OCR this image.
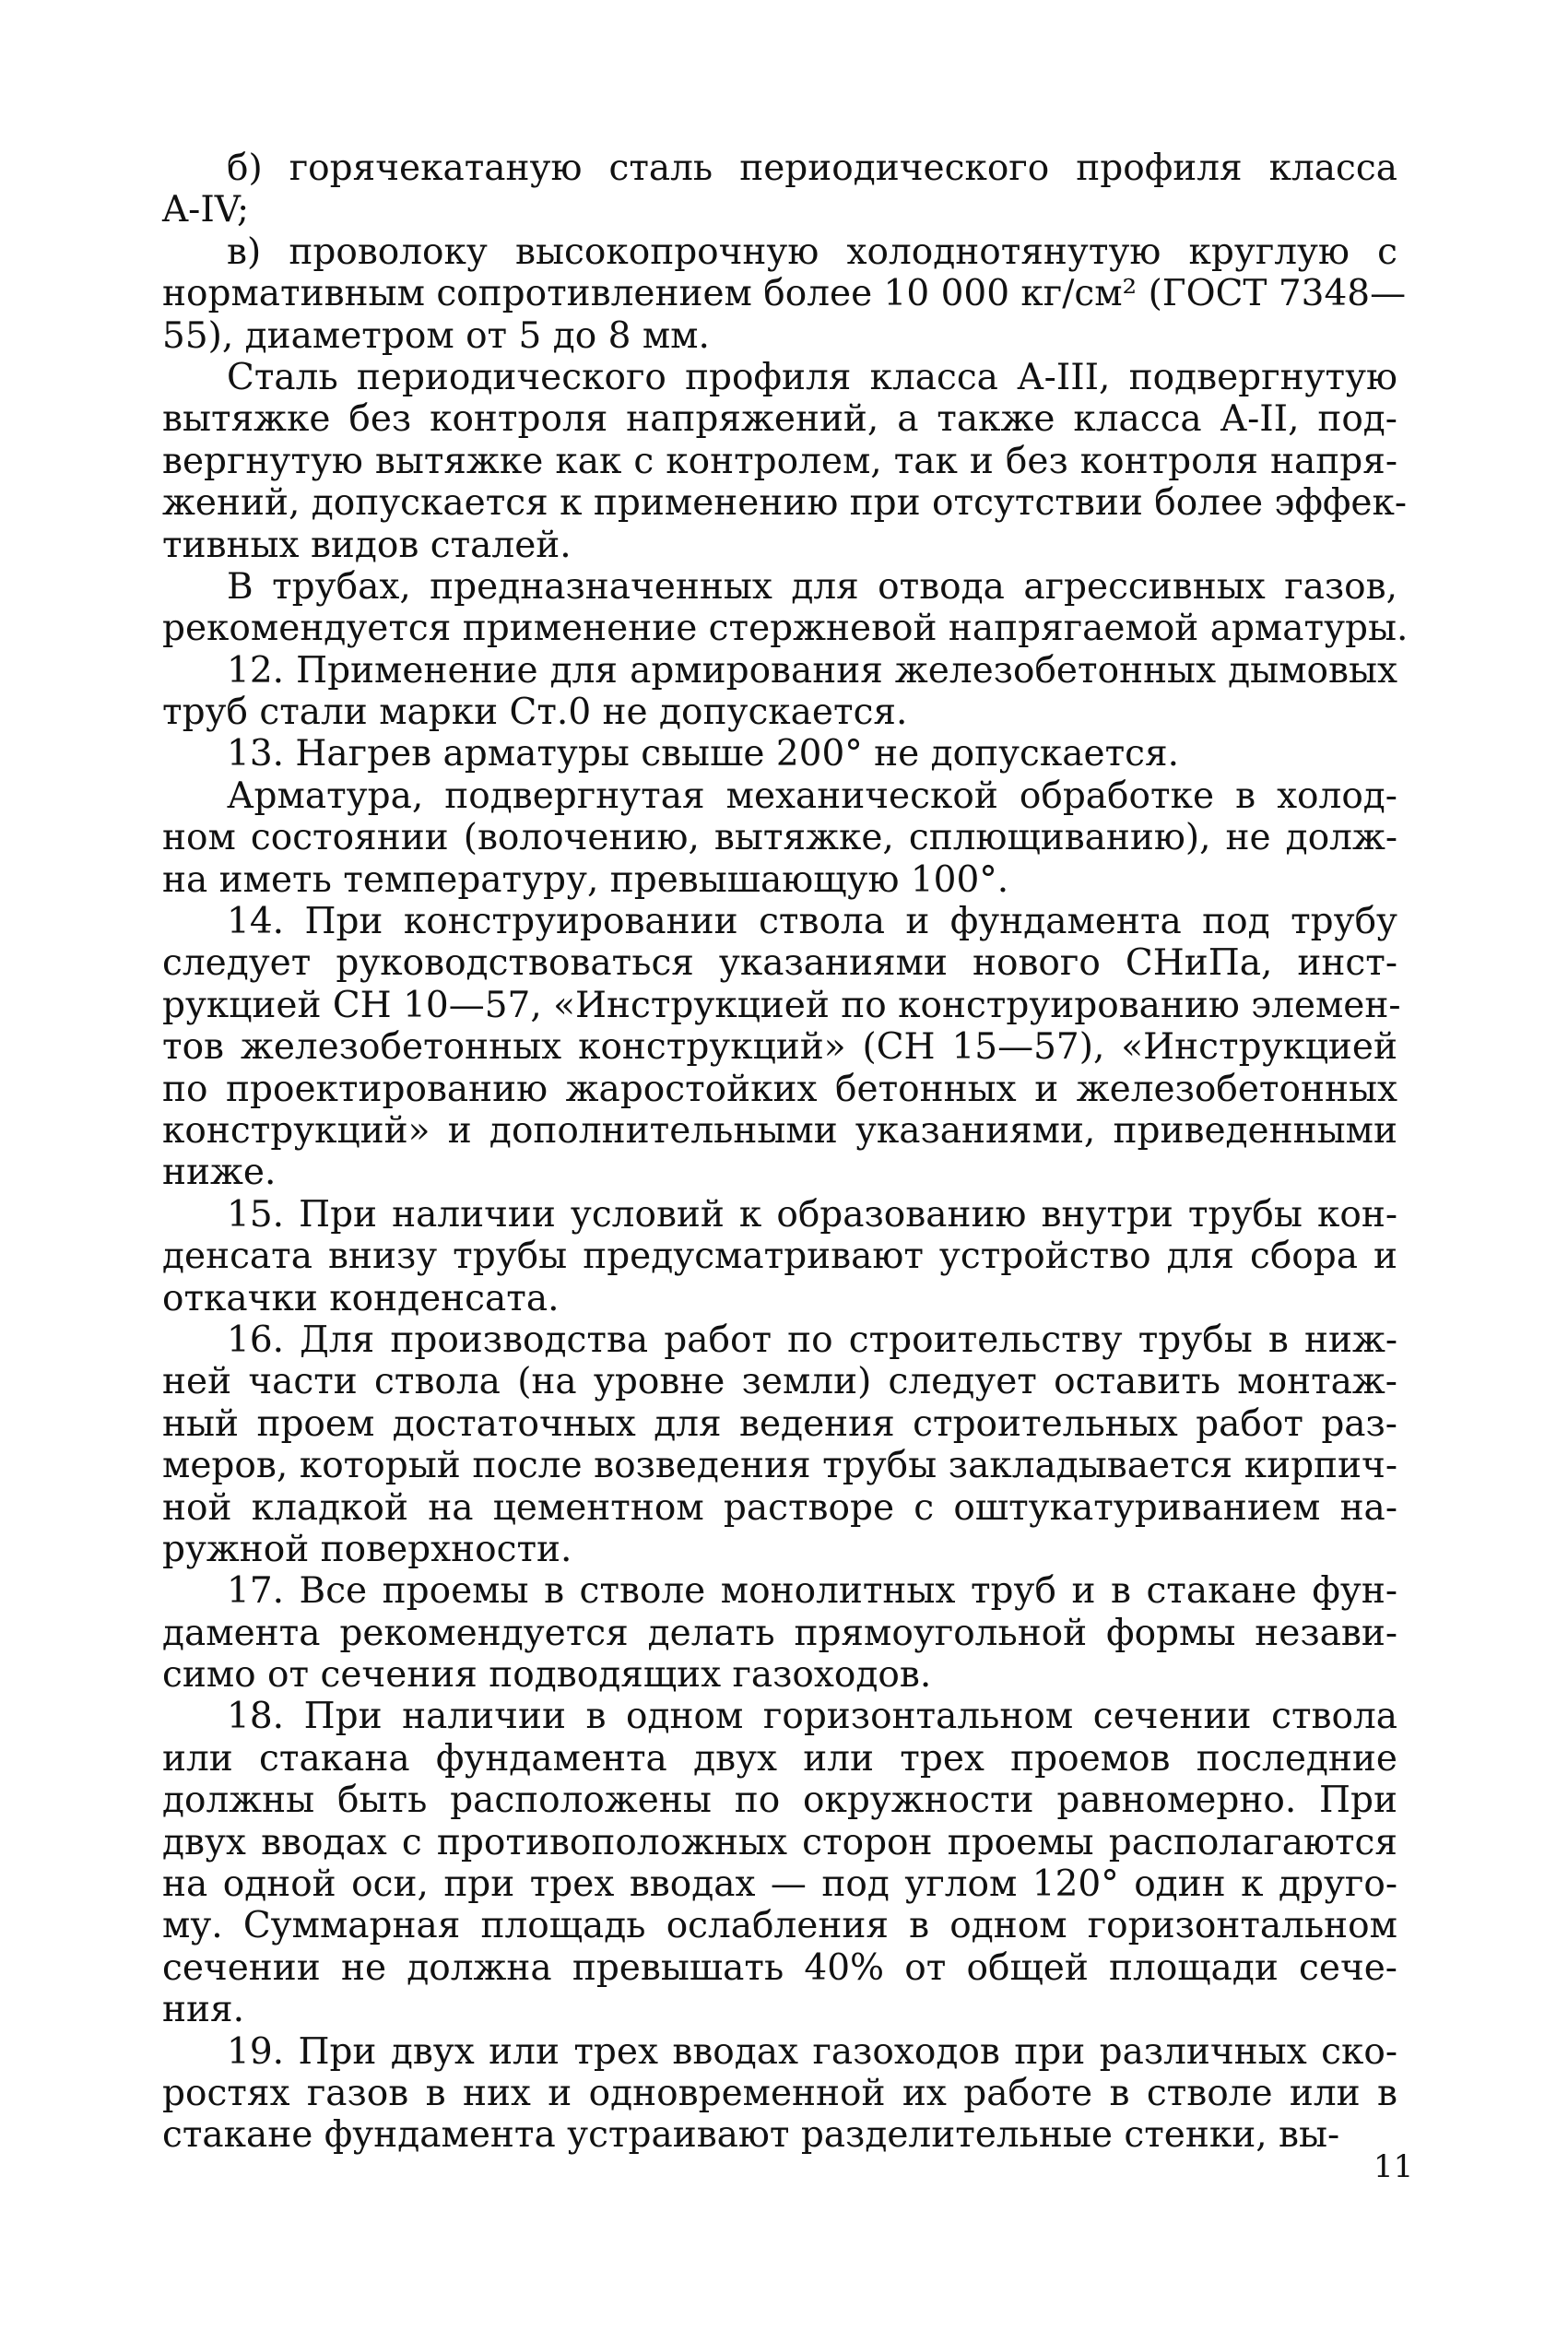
б) горячекатаную сталь периодического профиля класса
A-IV;
в) проволоку высокопрочную холоднотянутую круглую с
нормативным сопротивлением более 10 000 кг/см² (ГОСТ 7348—
55), диаметром от 5 до 8 мм.
Сталь периодического профиля класса А-III, подвергнутую
вытяжке без контроля напряжений, а также класса А-II, под-
вергнутую вытяжке как с контролем, так и без контроля напря-
жений, допускается к применению при отсутствии более эффек-
тивных видов сталей.
В трубах, предназначенных для отвода агрессивных газов,
рекомендуется применение стержневой напрягаемой арматуры.
12. Применение для армирования железобетонных дымовых
труб стали марки Ст.0 не допускается.
13. Нагрев арматуры свыше 200° не допускается.
Арматура, подвергнутая механической обработке в холод-
ном состоянии (волочению, вытяжке, сплющиванию), не долж-
на иметь температуру, превышающую 100°.
14. При конструировании ствола и фундамента под трубу
следует руководствоваться указаниями нового СНиПа, инст-
рукцией СН 10—57, «Инструкцией по конструированию элемен-
тов железобетонных конструкций» (СН 15—57), «Инструкцией
по проектированию жаростойких бетонных и железобетонных
конструкций» и дополнительными указаниями, приведенными
ниже.
15. При наличии условий к образованию внутри трубы кон-
денсата внизу трубы предусматривают устройство для сбора и
откачки конденсата.
16. Для производства работ по строительству трубы в ниж-
ней части ствола (на уровне земли) следует оставить монтаж-
ный проем достаточных для ведения строительных работ раз-
меров, который после возведения трубы закладывается кирпич-
ной кладкой на цементном растворе с оштукатуриванием на-
ружной поверхности.
17. Все проемы в стволе монолитных труб и в стакане фун-
дамента рекомендуется делать прямоугольной формы незави-
симо от сечения подводящих газоходов.
18. При наличии в одном горизонтальном сечении ствола
или стакана фундамента двух или трех проемов последние
должны быть расположены по окружности равномерно. При
двух вводах с противоположных сторон проемы располагаются
на одной оси, при трех вводах — под углом 120° один к друго-
му. Суммарная площадь ослабления в одном горизонтальном
сечении не должна превышать 40% от общей площади сече-
ния.
19. При двух или трех вводах газоходов при различных ско-
ростях газов в них и одновременной их работе в стволе или в
стакане фундамента устраивают разделительные стенки, вы-
11
